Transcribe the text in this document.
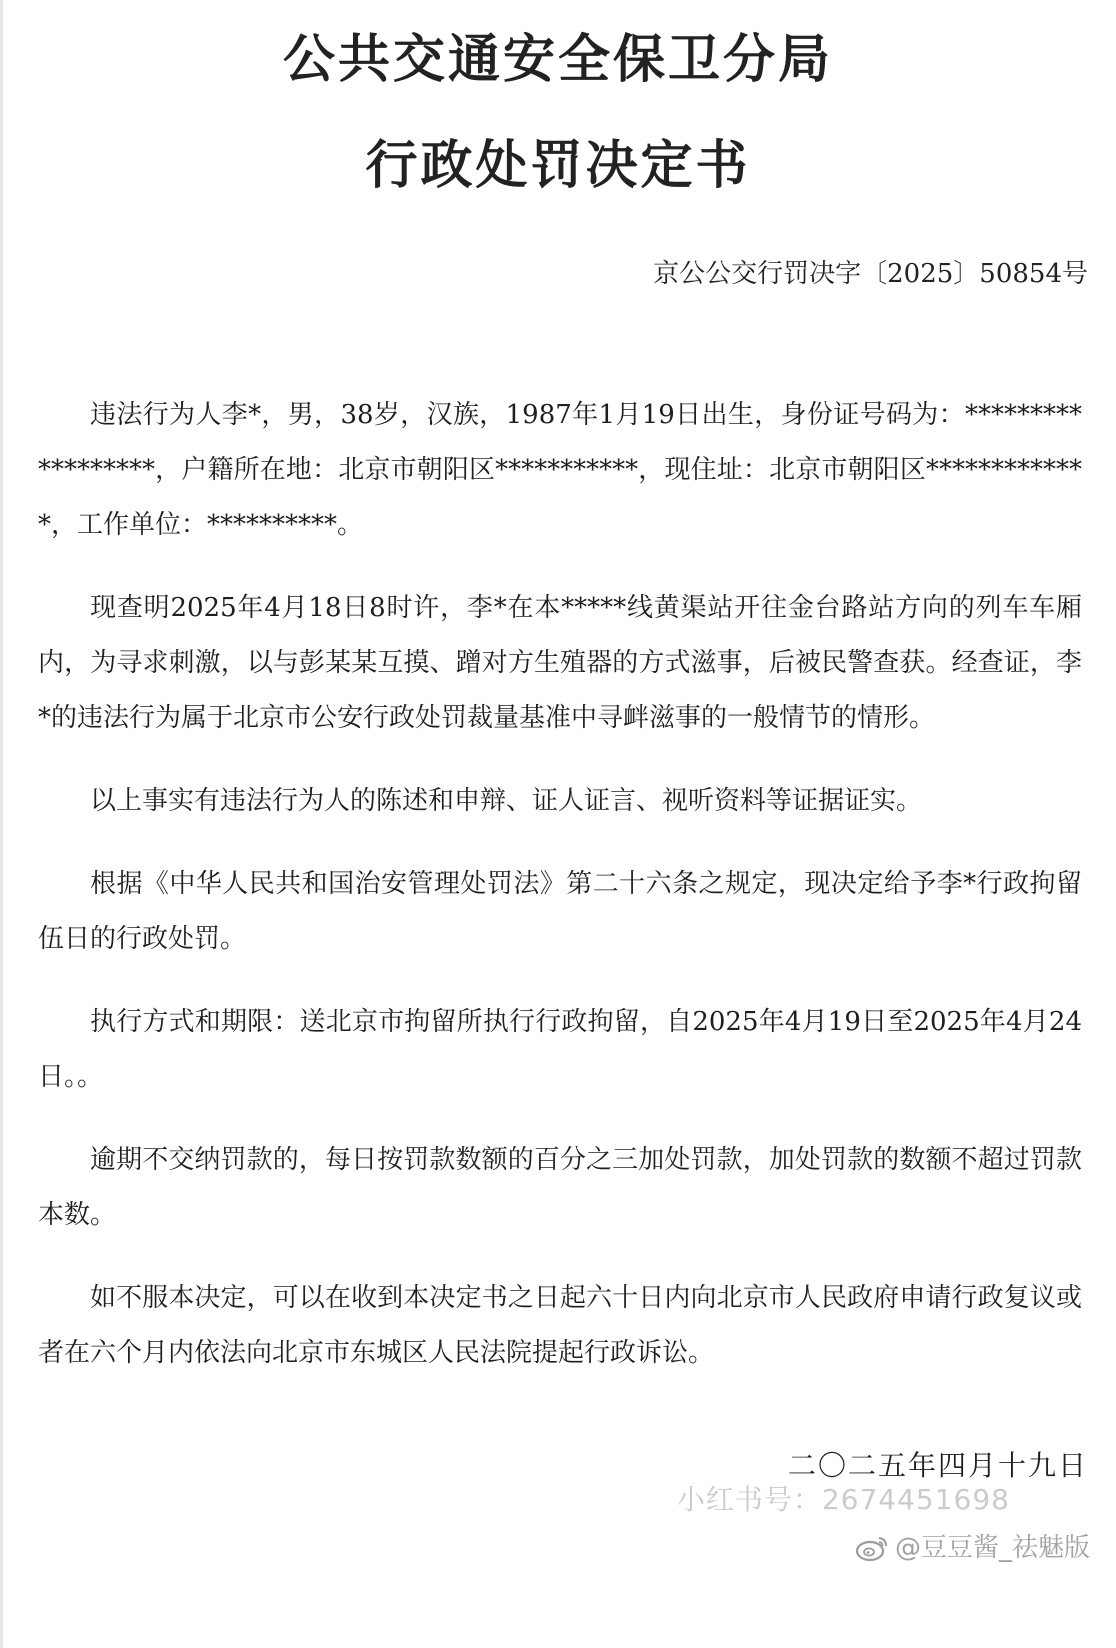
公共交通安全保卫分局
行政处罚决定书
京公公交行罚决字〔2025〕50854号

违法行为人李*，男，38岁，汉族，1987年1月19日出生，身份证号码为：******************，户籍所在地：北京市朝阳区***********，现住址：北京市朝阳区*************，工作单位：**********。

现查明2025年4月18日8时许，李*在本*****线黄渠站开往金台路站方向的列车车厢内，为寻求刺激，以与彭某某互摸、蹭对方生殖器的方式滋事，后被民警查获。经查证，李*的违法行为属于北京市公安行政处罚裁量基准中寻衅滋事的一般情节的情形。

以上事实有违法行为人的陈述和申辩、证人证言、视听资料等证据证实。

根据《中华人民共和国治安管理处罚法》第二十六条之规定，现决定给予李*行政拘留伍日的行政处罚。

执行方式和期限：送北京市拘留所执行行政拘留，自2025年4月19日至2025年4月24日。。

逾期不交纳罚款的，每日按罚款数额的百分之三加处罚款，加处罚款的数额不超过罚款本数。

如不服本决定，可以在收到本决定书之日起六十日内向北京市人民政府申请行政复议或者在六个月内依法向北京市东城区人民法院提起行政诉讼。

二〇二五年四月十九日
小红书号：2674451698
@豆豆酱_祛魅版
